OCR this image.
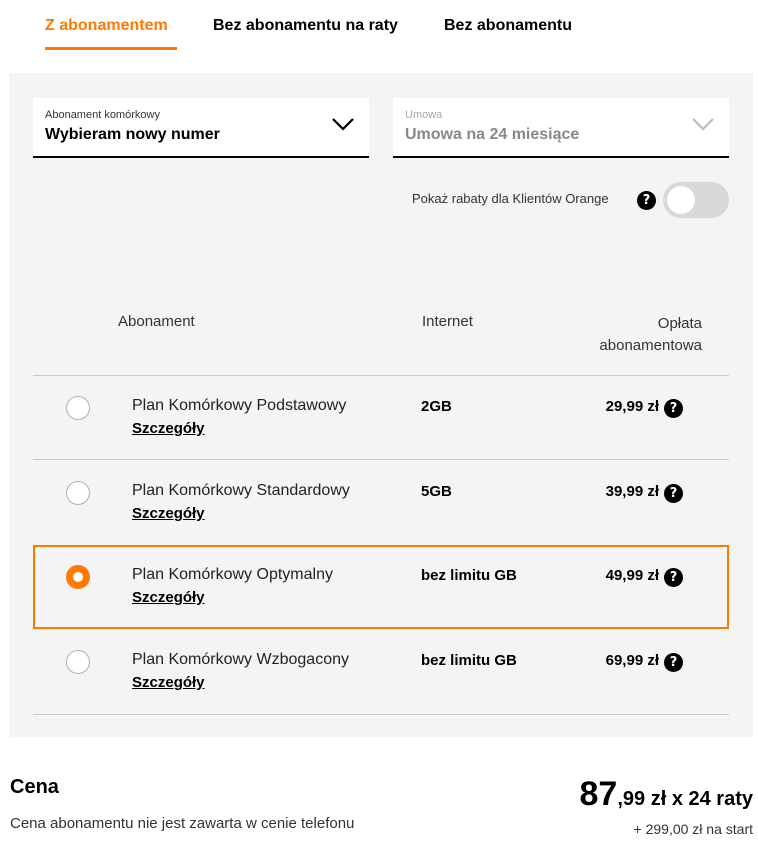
Z abonamentem	Bez abonamentu na raty	Bez abonamentu
Abonament komórkowy
Wybieram nowy numer
Umowa
Umowa na 24 miesiące
Pokaż rabaty dla Klientów Orange	?
Abonament	Internet	Opłata
abonamentowa
Plan Komórkowy Podstawowy
Szczegóły
2GB	29,99 zł ?
Plan Komórkowy Standardowy
Szczegóły
5GB	39,99 zł ?
Plan Komórkowy Optymalny
Szczegóły
bez limitu GB	49,99 zł ?
Plan Komórkowy Wzbogacony
Szczegóły
bez limitu GB	69,99 zł ?
Cena
Cena abonamentu nie jest zawarta w cenie telefonu
87,99 zł x 24 raty
+ 299,00 zł na start
